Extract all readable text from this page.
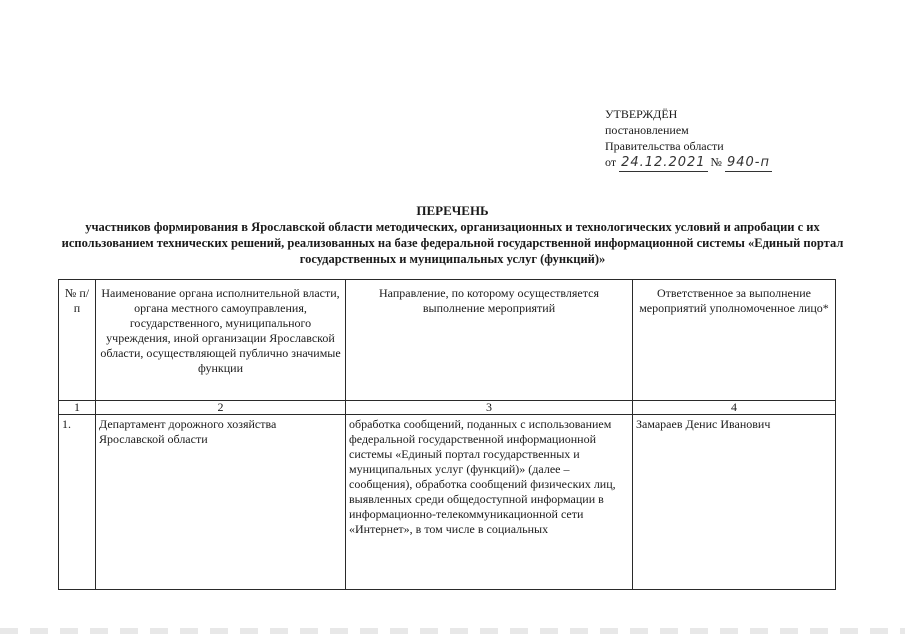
УТВЕРЖДЁН
постановлением
Правительства области
от 24.12.2021 № 940-п
ПЕРЕЧЕНЬ
участников формирования в Ярославской области методических, организационных и технологических условий и апробации с их использованием технических решений, реализованных на базе федеральной государственной информационной системы «Единый портал государственных и муниципальных услуг (функций)»
№ п/п	Наименование органа исполнительной власти, органа местного самоуправления, государственного, муниципального учреждения, иной организации Ярославской области, осуществляющей публично значимые функции	Направление, по которому осуществляется выполнение мероприятий	Ответственное за выполнение мероприятий уполномоченное лицо*
1	2	3	4
1.	Департамент дорожного хозяйства Ярославской области	обработка сообщений, поданных с использованием федеральной государственной информационной системы «Единый портал государственных и муниципальных услуг (функций)» (далее – сообщения), обработка сообщений физических лиц, выявленных среди общедоступной информации в информационно-телекоммуникационной сети «Интернет», в том числе в социальных	Замараев Денис Иванович
